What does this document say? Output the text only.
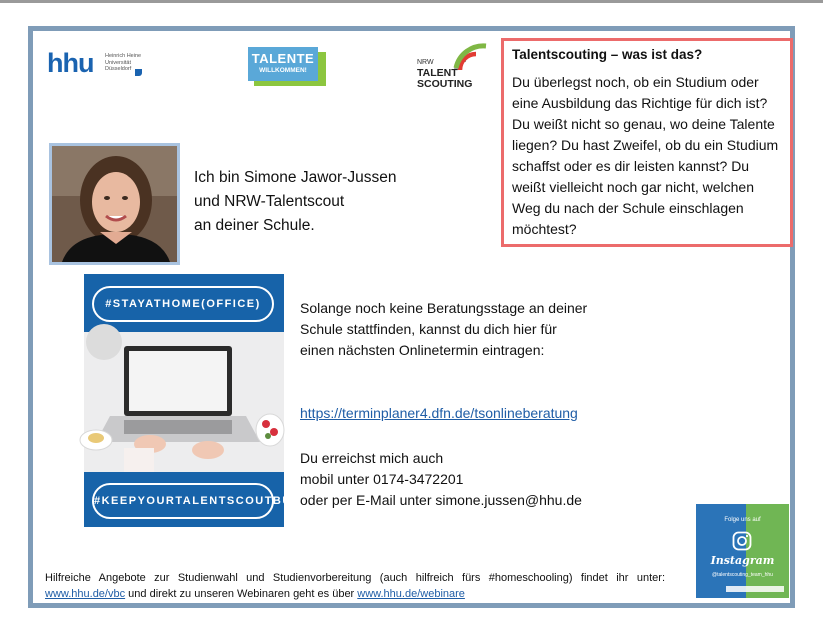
hhu Heinrich Heine
Universität
Düsseldorf
TALENTE
WILLKOMMEN!
NRW
TALENT
SCOUTING
Talentscouting – was ist das?
Du überlegst noch, ob ein Studium oder eine Ausbildung das Richtige für dich ist? Du weißt nicht so genau, wo deine Talente liegen? Du hast Zweifel, ob du ein Studium schaffst oder es dir leisten kannst? Du weißt vielleicht noch gar nicht, welchen Weg du nach der Schule einschlagen möchtest?
Ich bin Simone Jawor-Jussen
und NRW-Talentscout
an deiner Schule.
#STAYATHOME(OFFICE)
#KEEPYOURTALENTSCOUTBUSY
Solange noch keine Beratungsstage an deiner
Schule stattfinden, kannst du dich hier für
einen nächsten Onlinetermin eintragen:
https://terminplaner4.dfn.de/tsonlineberatung
Du erreichst mich auch
mobil unter 0174-3472201
oder per E-Mail unter simone.jussen@hhu.de
Folge uns auf
Instagram
@talentscouting_team_hhu

Hilfreiche Angebote zur Studienwahl und Studienvorbereitung (auch hilfreich fürs #homeschooling) findet ihr unter:

www.hhu.de/vbc und direkt zu unseren Webinaren geht es über www.hhu.de/webinare
